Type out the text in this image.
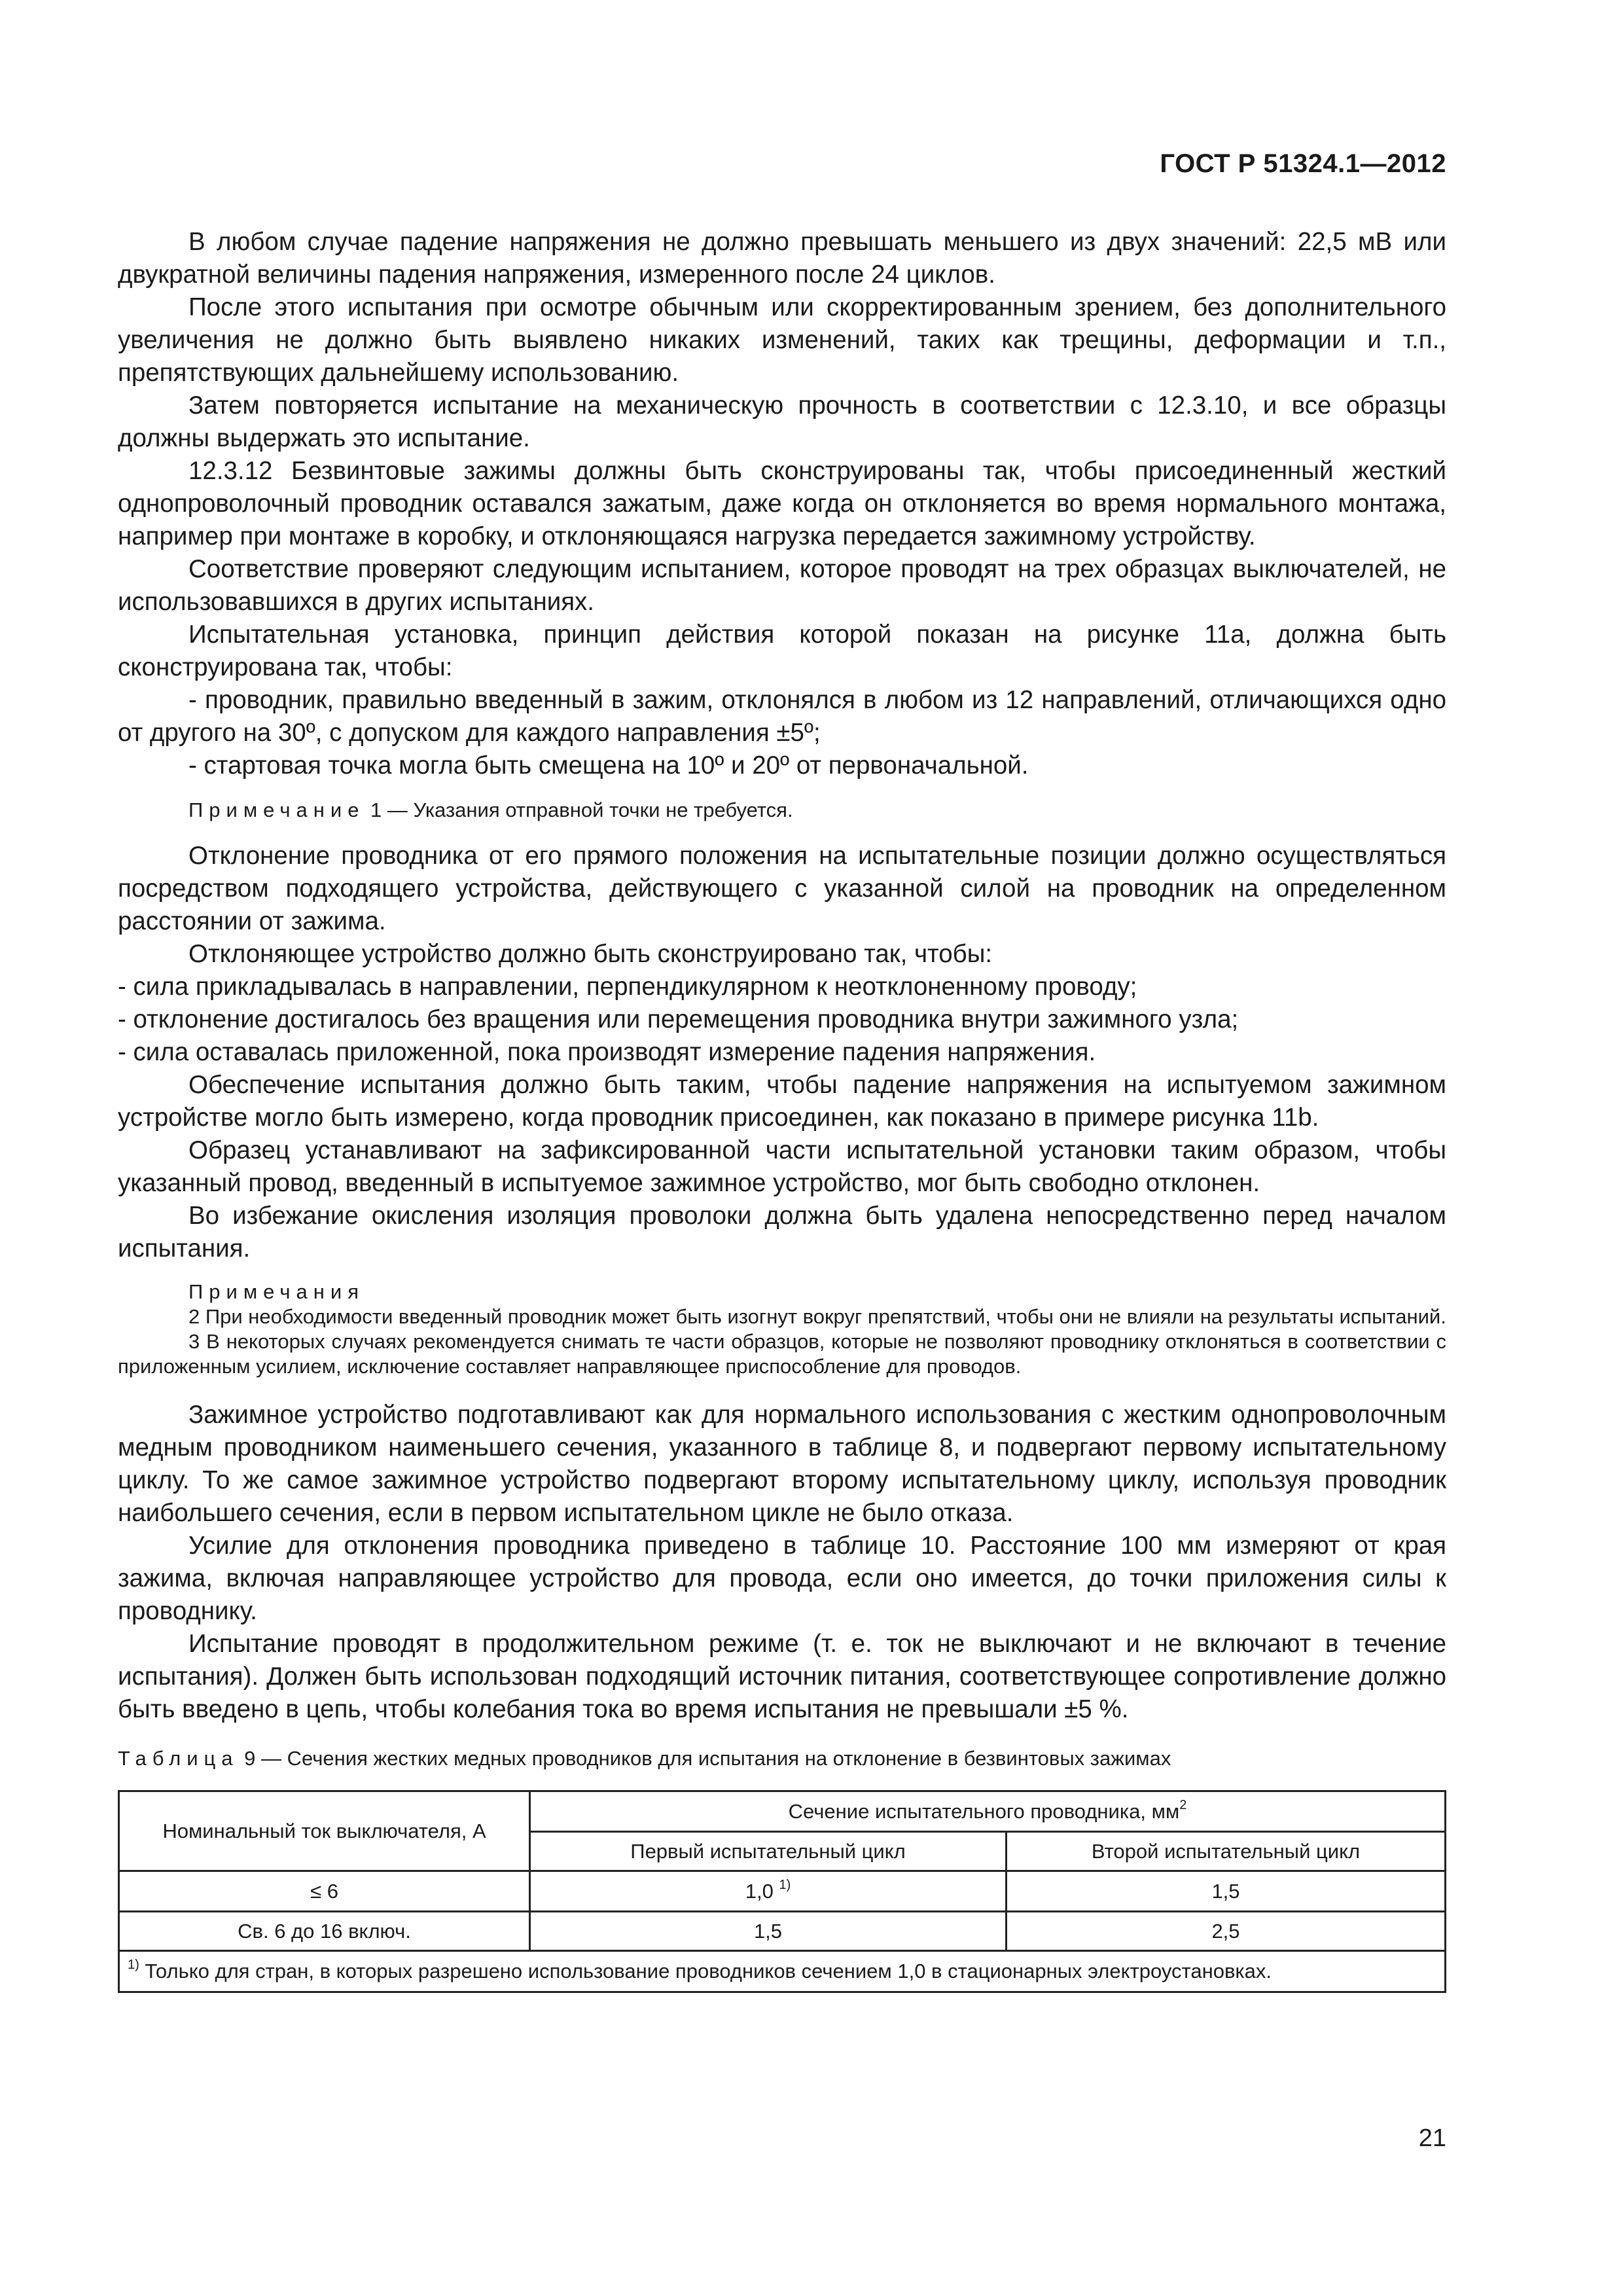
ГОСТ Р 51324.1—2012

В любом случае падение напряжения не должно превышать меньшего из двух значений: 22,5 мВ или двукратной величины падения напряжения, измеренного после 24 циклов.

После этого испытания при осмотре обычным или скорректированным зрением, без дополнительного увеличения не должно быть выявлено никаких изменений, таких как трещины, деформации и т.п., препятствующих дальнейшему использованию.

Затем повторяется испытание на механическую прочность в соответствии с 12.3.10, и все образцы должны выдержать это испытание.

12.3.12 Безвинтовые зажимы должны быть сконструированы так, чтобы присоединенный жесткий однопроволочный проводник оставался зажатым, даже когда он отклоняется во время нормального монтажа, например при монтаже в коробку, и отклоняющаяся нагрузка передается зажимному устройству.

Соответствие проверяют следующим испытанием, которое проводят на трех образцах выключателей, не использовавшихся в других испытаниях.

Испытательная установка, принцип действия которой показан на рисунке 11а, должна быть сконструирована так, чтобы:

- проводник, правильно введенный в зажим, отклонялся в любом из 12 направлений, отличающихся одно от другого на 30º, с допуском для каждого направления ±5º;

- стартовая точка могла быть смещена на 10º и 20º от первоначальной.

Примечание 1 — Указания отправной точки не требуется.

Отклонение проводника от его прямого положения на испытательные позиции должно осуществляться посредством подходящего устройства, действующего с указанной силой на проводник на определенном расстоянии от зажима.

Отклоняющее устройство должно быть сконструировано так, чтобы:

- сила прикладывалась в направлении, перпендикулярном к неотклоненному проводу;

- отклонение достигалось без вращения или перемещения проводника внутри зажимного узла;

- сила оставалась приложенной, пока производят измерение падения напряжения.

Обеспечение испытания должно быть таким, чтобы падение напряжения на испытуемом зажимном устройстве могло быть измерено, когда проводник присоединен, как показано в примере рисунка 11b.

Образец устанавливают на зафиксированной части испытательной установки таким образом, чтобы указанный провод, введенный в испытуемое зажимное устройство, мог быть свободно отклонен.

Во избежание окисления изоляция проволоки должна быть удалена непосредственно перед началом испытания.

Примечания

2 При необходимости введенный проводник может быть изогнут вокруг препятствий, чтобы они не влияли на результаты испытаний.

3 В некоторых случаях рекомендуется снимать те части образцов, которые не позволяют проводнику отклоняться в соответствии с приложенным усилием, исключение составляет направляющее приспособление для проводов.

Зажимное устройство подготавливают как для нормального использования с жестким однопроволочным медным проводником наименьшего сечения, указанного в таблице 8, и подвергают первому испытательному циклу. То же самое зажимное устройство подвергают второму испытательному циклу, используя проводник наибольшего сечения, если в первом испытательном цикле не было отказа.

Усилие для отклонения проводника приведено в таблице 10. Расстояние 100 мм измеряют от края зажима, включая направляющее устройство для провода, если оно имеется, до точки приложения силы к проводнику.

Испытание проводят в продолжительном режиме (т. е. ток не выключают и не включают в течение испытания). Должен быть использован подходящий источник питания, соответствующее сопротивление должно быть введено в цепь, чтобы колебания тока во время испытания не превышали ±5 %.

Таблица 9 — Сечения жестких медных проводников для испытания на отклонение в безвинтовых зажимах
Номинальный ток выключателя, А	Сечение испытательного проводника, $мм^2$
	Первый испытательный цикл	Второй испытательный цикл
≤ 6	1,0 $^{1)}$	1,5
Св. 6 до 16 включ.	1,5	2,5
$^{1)}$ Только для стран, в которых разрешено использование проводников сечением 1,0 в стационарных электроустановках.		
21
